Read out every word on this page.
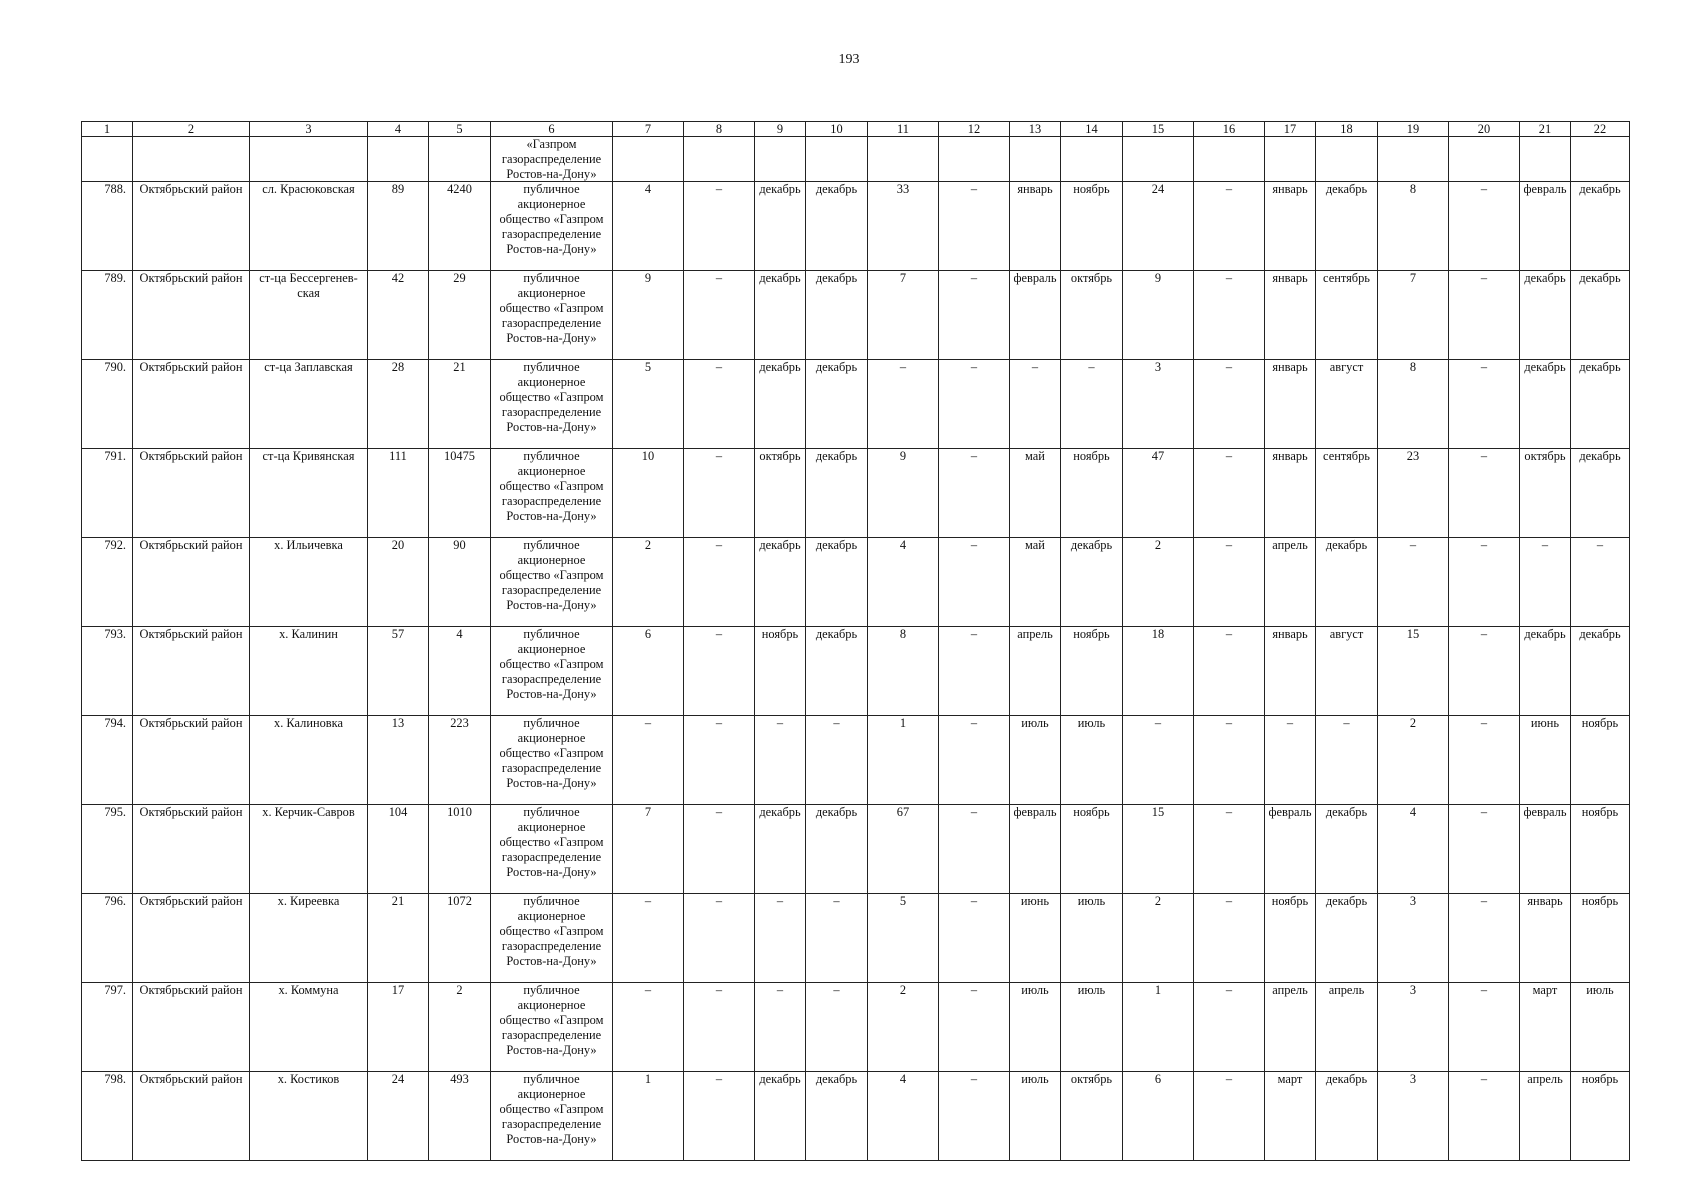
193
1	2	3	4	5	6	7	8	9	10	11	12	13	14	15	16	17	18	19	20	21	22
					«Газпром газораспределение Ростов-на-Дону»																
788.	Октябрьский район	сл. Красюковская	89	4240	публичное акционерное общество «Газпром газораспределение Ростов-на-Дону»	4	–	декабрь	декабрь	33	–	январь	ноябрь	24	–	январь	декабрь	8	–	февраль	декабрь
789.	Октябрьский район	ст-ца Бессергенев-ская	42	29	публичное акционерное общество «Газпром газораспределение Ростов-на-Дону»	9	–	декабрь	декабрь	7	–	февраль	октябрь	9	–	январь	сентябрь	7	–	декабрь	декабрь
790.	Октябрьский район	ст-ца Заплавская	28	21	публичное акционерное общество «Газпром газораспределение Ростов-на-Дону»	5	–	декабрь	декабрь	–	–	–	–	3	–	январь	август	8	–	декабрь	декабрь
791.	Октябрьский район	ст-ца Кривянская	111	10475	публичное акционерное общество «Газпром газораспределение Ростов-на-Дону»	10	–	октябрь	декабрь	9	–	май	ноябрь	47	–	январь	сентябрь	23	–	октябрь	декабрь
792.	Октябрьский район	х. Ильичевка	20	90	публичное акционерное общество «Газпром газораспределение Ростов-на-Дону»	2	–	декабрь	декабрь	4	–	май	декабрь	2	–	апрель	декабрь	–	–	–	–
793.	Октябрьский район	х. Калинин	57	4	публичное акционерное общество «Газпром газораспределение Ростов-на-Дону»	6	–	ноябрь	декабрь	8	–	апрель	ноябрь	18	–	январь	август	15	–	декабрь	декабрь
794.	Октябрьский район	х. Калиновка	13	223	публичное акционерное общество «Газпром газораспределение Ростов-на-Дону»	–	–	–	–	1	–	июль	июль	–	–	–	–	2	–	июнь	ноябрь
795.	Октябрьский район	х. Керчик-Савров	104	1010	публичное акционерное общество «Газпром газораспределение Ростов-на-Дону»	7	–	декабрь	декабрь	67	–	февраль	ноябрь	15	–	февраль	декабрь	4	–	февраль	ноябрь
796.	Октябрьский район	х. Киреевка	21	1072	публичное акционерное общество «Газпром газораспределение Ростов-на-Дону»	–	–	–	–	5	–	июнь	июль	2	–	ноябрь	декабрь	3	–	январь	ноябрь
797.	Октябрьский район	х. Коммуна	17	2	публичное акционерное общество «Газпром газораспределение Ростов-на-Дону»	–	–	–	–	2	–	июль	июль	1	–	апрель	апрель	3	–	март	июль
798.	Октябрьский район	х. Костиков	24	493	публичное акционерное общество «Газпром газораспределение Ростов-на-Дону»	1	–	декабрь	декабрь	4	–	июль	октябрь	6	–	март	декабрь	3	–	апрель	ноябрь
